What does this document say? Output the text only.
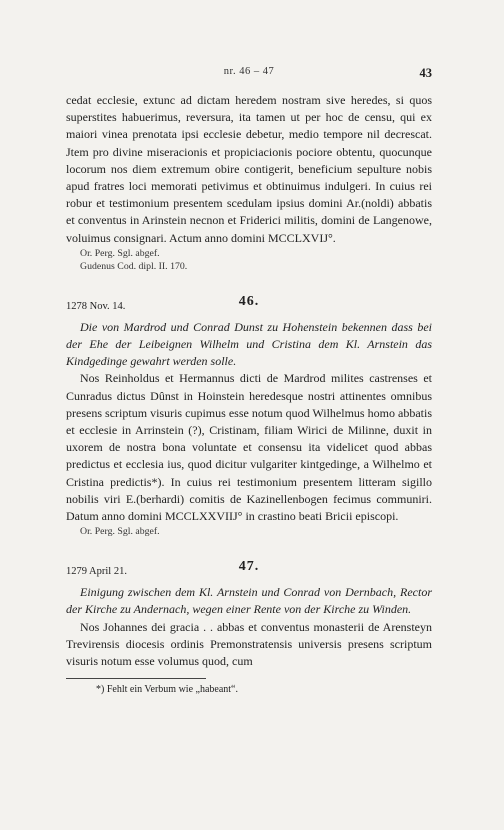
nr. 46 – 47	43

cedat ecclesie, extunc ad dictam heredem nostram sive heredes, si quos superstites habuerimus, reversura, ita tamen ut per hoc de censu, qui ex maiori vinea prenotata ipsi ecclesie debetur, medio tempore nil decrescat. Jtem pro divine miseracionis et propiciacionis pociore obtentu, quocunque locorum nos diem extremum obire contigerit, beneficium sepulture nobis apud fratres loci memorati petivimus et obtinuimus indulgeri. In cuius rei robur et testimonium presentem scedulam ipsius domini Ar.(noldi) abbatis et conventus in Arinstein necnon et Friderici militis, domini de Langenowe, voluimus consignari. Actum anno domini MCCLXVIJ°.

Or. Perg. Sgl. abgef.

Gudenus Cod. dipl. II. 170.

1278 Nov. 14.	46.

Die von Mardrod und Conrad Dunst zu Hohenstein bekennen dass bei der Ehe der Leibeignen Wilhelm und Cristina dem Kl. Arnstein das Kindgedinge gewahrt werden solle.

Nos Reinholdus et Hermannus dicti de Mardrod milites castrenses et Cunradus dictus Dûnst in Hoinstein heredesque nostri attinentes omnibus presens scriptum visuris cupimus esse notum quod Wilhelmus homo abbatis et ecclesie in Arrinstein (?), Cristinam, filiam Wirici de Milinne, duxit in uxorem de nostra bona voluntate et consensu ita videlicet quod abbas predictus et ecclesia ius, quod dicitur vulgariter kintgedinge, a Wilhelmo et Cristina predictis*). In cuius rei testimonium presentem litteram sigillo nobilis viri E.(berhardi) comitis de Kazinellenbogen fecimus communiri. Datum anno domini MCCLXXVIIJ° in crastino beati Bricii episcopi.

Or. Perg. Sgl. abgef.

1279 April 21.	47.

Einigung zwischen dem Kl. Arnstein und Conrad von Dernbach, Rector der Kirche zu Andernach, wegen einer Rente von der Kirche zu Winden.

Nos Johannes dei gracia . . abbas et conventus monasterii de Arensteyn Trevirensis diocesis ordinis Premonstratensis universis presens scriptum visuris notum esse volumus quod, cum

*) Fehlt ein Verbum wie „habeant“.
